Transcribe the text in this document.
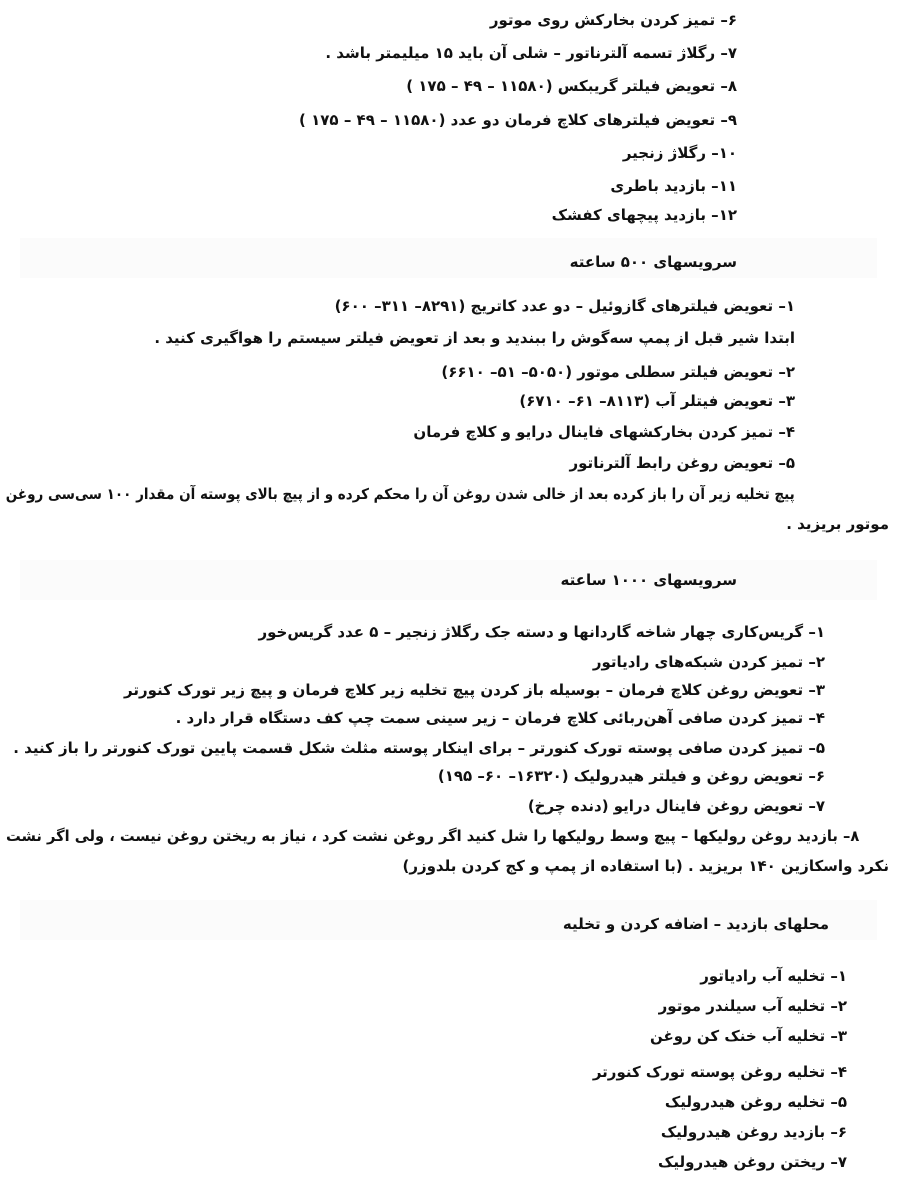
۶– تمیز کردن بخارکش روی موتور
۷– رگلاژ تسمه آلترناتور – شلی آن باید ۱۵ میلیمتر باشد .
۸– تعویض فیلتر گریبکس (۱۱۵۸۰ – ۴۹ – ۱۷۵ )
۹– تعویض فیلترهای کلاچ فرمان دو عدد (۱۱۵۸۰ – ۴۹ – ۱۷۵ )
۱۰– رگلاژ زنجیر
۱۱– بازدید باطری
۱۲– بازدید پیچهای کفشک
سرویسهای ۵۰۰ ساعته
۱– تعویض فیلترهای گازوئیل – دو عدد کاتریج (۸۲۹۱– ۳۱۱– ۶۰۰)
ابتدا شیر قبل از پمپ سه‌گوش را ببندید و بعد از تعویض فیلتر سیستم را هواگیری کنید .
۲– تعویض فیلتر سطلی موتور (۵۰۵۰– ۵۱– ۶۶۱۰)
۳– تعویض فیتلر آب (۸۱۱۳– ۶۱– ۶۷۱۰)
۴– تمیز کردن بخارکشهای فاینال درایو و کلاچ فرمان
۵– تعویض روغن رابط آلترناتور
پیچ تخلیه زیر آن را باز کرده بعد از خالی شدن روغن آن را محکم کرده و از پیچ بالای پوسته آن مقدار ۱۰۰ سی‌سی روغن
موتور بریزید .
سرویسهای ۱۰۰۰ ساعته
۱– گریس‌کاری چهار شاخه گاردانها و دسته جک رگلاژ زنجیر – ۵ عدد گریس‌خور
۲– تمیز کردن شبکه‌های رادیاتور
۳– تعویض روغن کلاچ فرمان – بوسیله باز کردن پیچ تخلیه زیر کلاچ فرمان و پیچ زیر تورک کنورتر
۴– تمیز کردن صافی آهن‌ربائی کلاچ فرمان – زیر سینی سمت چپ کف دستگاه قرار دارد .
۵– تمیز کردن صافی پوسته تورک کنورتر – برای اینکار پوسته مثلث شکل قسمت پایین تورک کنورتر را باز کنید .
۶– تعویض روغن و فیلتر هیدرولیک (۱۶۳۲۰– ۶۰– ۱۹۵)
۷– تعویض روغن فاینال درایو (دنده چرخ)
۸– بازدید روغن رولیکها – پیچ وسط رولیکها را شل کنید اگر روغن نشت کرد ، نیاز به ریختن روغن نیست ، ولی اگر نشت
نکرد واسکازین ۱۴۰ بریزید . (با استفاده از پمپ و کج کردن بلدوزر)
محلهای بازدید – اضافه کردن و تخلیه
۱– تخلیه آب رادیاتور
۲– تخلیه آب سیلندر موتور
۳– تخلیه آب خنک کن روغن
۴– تخلیه روغن پوسته تورک کنورتر
۵– تخلیه روغن هیدرولیک
۶– بازدید روغن هیدرولیک
۷– ریختن روغن هیدرولیک
